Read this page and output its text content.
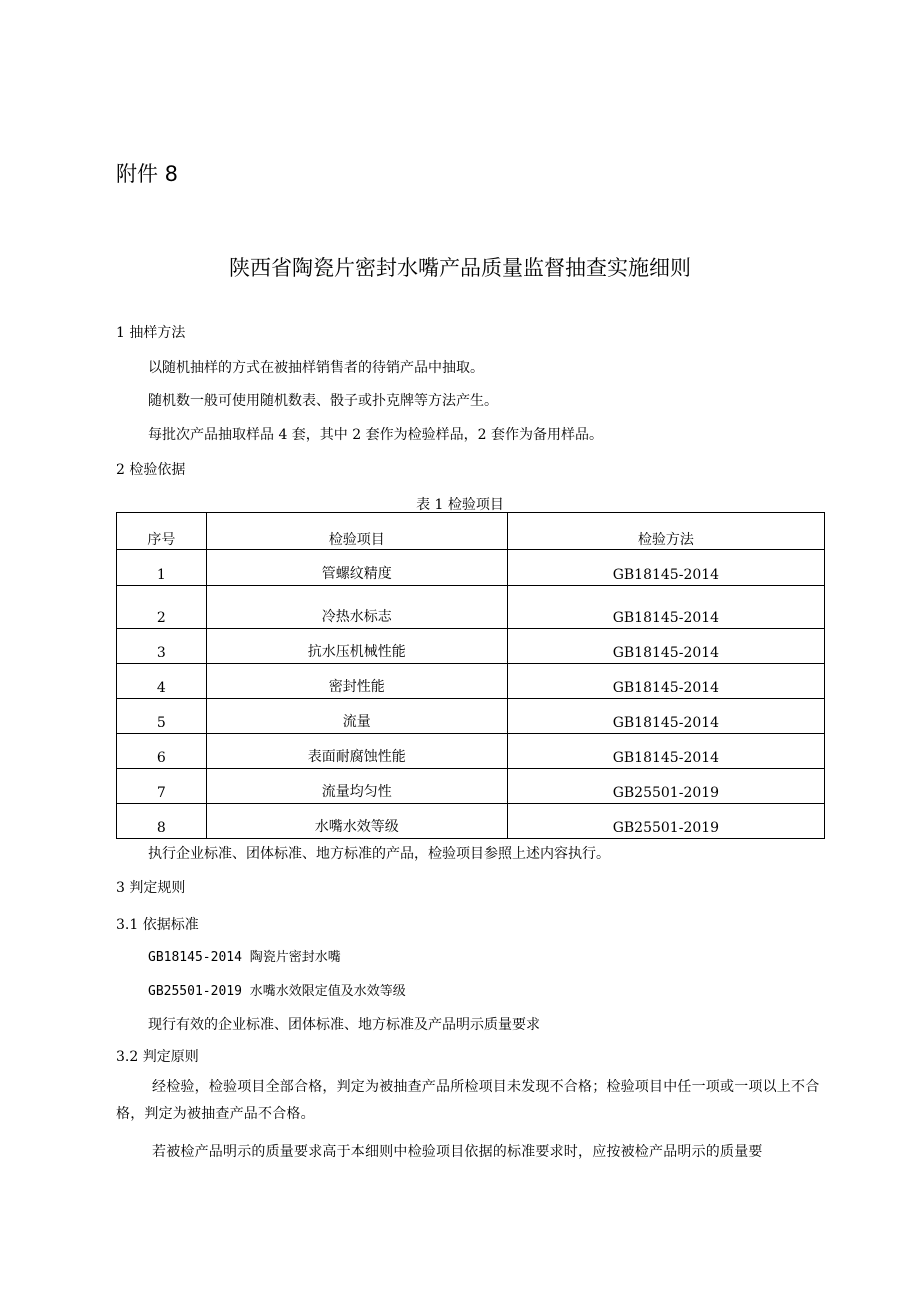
附件 8
陕西省陶瓷片密封水嘴产品质量监督抽查实施细则
1 抽样方法
以随机抽样的方式在被抽样销售者的待销产品中抽取。
随机数一般可使用随机数表、骰子或扑克牌等方法产生。
每批次产品抽取样品 4 套，其中 2 套作为检验样品，2 套作为备用样品。
2 检验依据
表 1 检验项目
序号	检验项目	检验方法
1	管螺纹精度	GB18145-2014
2	冷热水标志	GB18145-2014
3	抗水压机械性能	GB18145-2014
4	密封性能	GB18145-2014
5	流量	GB18145-2014
6	表面耐腐蚀性能	GB18145-2014
7	流量均匀性	GB25501-2019
8	水嘴水效等级	GB25501-2019
执行企业标准、团体标准、地方标准的产品，检验项目参照上述内容执行。
3 判定规则
3.1 依据标准
GB18145-2014 陶瓷片密封水嘴
GB25501-2019 水嘴水效限定值及水效等级
现行有效的企业标准、团体标准、地方标准及产品明示质量要求
3.2 判定原则
经检验，检验项目全部合格，判定为被抽查产品所检项目未发现不合格；检验项目中任一项或一项以上不合格，判定为被抽查产品不合格。
若被检产品明示的质量要求高于本细则中检验项目依据的标准要求时，应按被检产品明示的质量要
